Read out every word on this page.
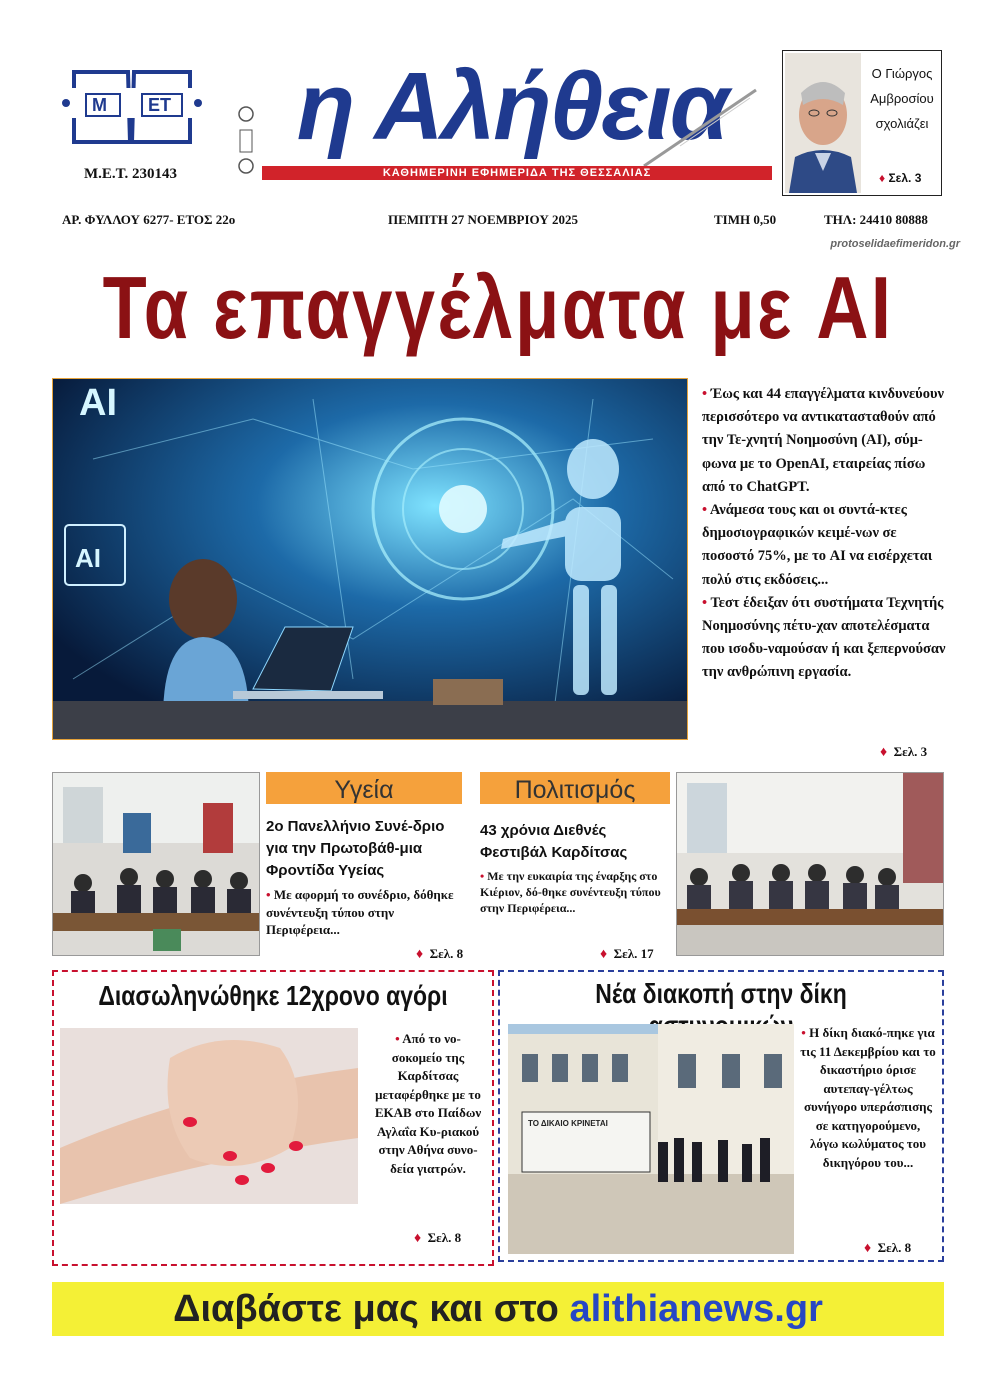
Μ ΕΤ
Μ.Ε.Τ. 230143
η Αλήθεια
ΚΑΘΗΜΕΡΙΝΗ ΕΦΗΜΕΡΙΔΑ ΤΗΣ ΘΕΣΣΑΛΙΑΣ
Ο Γιώργος
Αμβροσίου
σχολιάζει
♦ Σελ. 3
ΑΡ. ΦΥΛΛΟΥ 6277- ΕΤΟΣ 22ο	ΠΕΜΠΤΗ 27 ΝΟΕΜΒΡΙΟΥ 2025	ΤΙΜΗ 0,50	ΤΗΛ: 24410 80888
protoselidaefimeridon.gr
Τα επαγγέλματα με AI
AI
AI

• Έως και 44 επαγγέλματα κινδυνεύουν περισσότερο να αντικατασταθούν από την Τε-χνητή Νοημοσύνη (AI), σύμ-φωνα με το OpenAI, εταιρείας πίσω από το ChatGPT.

• Ανάμεσα τους και οι συντά-κτες δημοσιογραφικών κειμέ-νων σε ποσοστό 75%, με το AI να εισέρχεται πολύ στις εκδόσεις...

• Τεστ έδειξαν ότι συστήματα Τεχνητής Νοημοσύνης πέτυ-χαν αποτελέσματα που ισοδυ-ναμούσαν ή και ξεπερνούσαν την ανθρώπινη εργασία.

♦ Σελ. 3
Υγεία
2ο Πανελλήνιο Συνέ-δριο για την Πρωτοβάθ-μια Φροντίδα Υγείας
• Με αφορμή το συνέδριο, δόθηκε συνέντευξη τύπου στην Περιφέρεια...
♦ Σελ. 8
Πολιτισμός
43 χρόνια Διεθνές Φεστιβάλ Καρδίτσας
• Με την ευκαιρία της έναρξης στο Κιέριον, δό-θηκε συνέντευξη τύπου στην Περιφέρεια...
♦ Σελ. 17
Διασωληνώθηκε 12χρονο αγόρι
• Από το νο-σοκομείο της Καρδίτσας μεταφέρθηκε με το ΕΚΑΒ στο Παίδων Αγλαΐα Κυ-ριακού στην Αθήνα συνο-δεία γιατρών.
♦ Σελ. 8
Νέα διακοπή στην δίκη
ΤΟ ΔΙΚΑΙΟ ΚΡΙΝΕΤΑΙ
• Η δίκη διακό-πηκε για τις 11 Δεκεμβρίου και το δικαστήριο όρισε αυτεπαγ-γέλτως συνήγορο υπεράσπισης σε κατηγορούμενο, λόγω κωλύματος του δικηγόρου του...
♦ Σελ. 8
Διαβάστε μας και στο alithianews.gr
